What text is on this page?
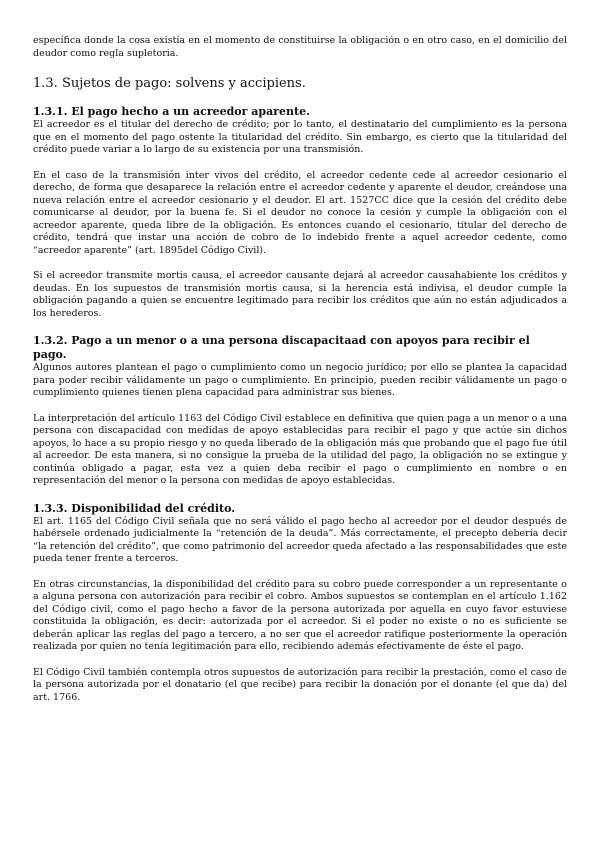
específica donde la cosa existía en el momento de constituirse la obligación o en otro caso, en el domicilio del deudor como regla supletoria.

1.3. Sujetos de pago: solvens y accipiens.
1.3.1. El pago hecho a un acreedor aparente.

El acreedor es el titular del derecho de crédito; por lo tanto, el destinatario del cumplimiento es la persona que en el momento del pago ostente la titularidad del crédito. Sin embargo, es cierto que la titularidad del crédito puede variar a lo largo de su existencia por una transmisión.

En el caso de la transmisión inter vivos del crédito, el acreedor cedente cede al acreedor cesionario el derecho, de forma que desaparece la relación entre el acreedor cedente y aparente el deudor, creándose una nueva relación entre el acreedor cesionario y el deudor. El art. 1527CC dice que la cesión del crédito debe comunicarse al deudor, por la buena fe. Si el deudor no conoce la cesión y cumple la obligación con el acreedor aparente, queda libre de la obligación. Es entonces cuando el cesionario, titular del derecho de crédito, tendrá que instar una acción de cobro de lo indebido frente a aquel acreedor cedente, como “acreedor aparente” (art. 1895del Código Civil).

Si el acreedor transmite mortis causa, el acreedor causante dejará al acreedor causahabiente los créditos y deudas. En los supuestos de transmisión mortis causa, si la herencia está indivisa, el deudor cumple la obligación pagando a quien se encuentre legitimado para recibir los créditos que aún no están adjudicados a los herederos.

1.3.2. Pago a un menor o a una persona discapacitaad con apoyos para recibir el pago.

Algunos autores plantean el pago o cumplimiento como un negocio jurídico; por ello se plantea la capacidad para poder recibir válidamente un pago o cumplimiento. En principio, pueden recibir válidamente un pago o cumplimiento quienes tienen plena capacidad para administrar sus bienes.

La interpretación del artículo 1163 del Código Civil establece en definitiva que quien paga a un menor o a una persona con discapacidad con medidas de apoyo establecidas para recibir el pago y que actúe sin dichos apoyos, lo hace a su propio riesgo y no queda liberado de la obligación más que probando que el pago fue útil al acreedor. De esta manera, si no consigue la prueba de la utilidad del pago, la obligación no se extingue y continúa obligado a pagar, esta vez a quien deba recibir el pago o cumplimiento en nombre o en representación del menor o la persona con medidas de apoyo establecidas.

1.3.3. Disponibilidad del crédito.

El art. 1165 del Código Civil señala que no será válido el pago hecho al acreedor por el deudor después de habérsele ordenado judicialmente la “retención de la deuda”. Más correctamente, el precepto debería decir “la retención del crédito”, que como patrimonio del acreedor queda afectado a las responsabilidades que este pueda tener frente a terceros.

En otras circunstancias, la disponibilidad del crédito para su cobro puede corresponder a un representante o a alguna persona con autorización para recibir el cobro. Ambos supuestos se contemplan en el artículo 1.162 del Código civil, como el pago hecho a favor de la persona autorizada por aquella en cuyo favor estuviese constituida la obligación, es decir: autorizada por el acreedor. Si el poder no existe o no es suficiente se deberán aplicar las reglas del pago a tercero, a no ser que el acreedor ratifique posteriormente la operación realizada por quien no tenía legitimación para ello, recibiendo además efectivamente de éste el pago.

El Código Civil también contempla otros supuestos de autorización para recibir la prestación, como el caso de la persona autorizada por el donatario (el que recibe) para recibir la donación por el donante (el que da) del art. 1766.
